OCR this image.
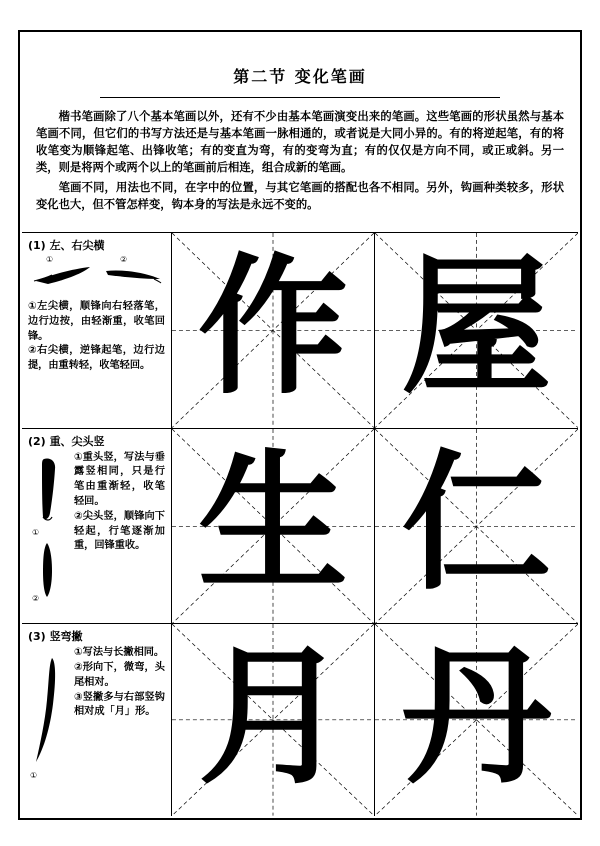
第二节 变化笔画

楷书笔画除了八个基本笔画以外，还有不少由基本笔画演变出来的笔画。这些笔画的形状虽然与基本笔画不同，但它们的书写方法还是与基本笔画一脉相通的，或者说是大同小异的。有的将逆起笔，有的将收笔变为顺锋起笔、出锋收笔；有的变直为弯，有的变弯为直；有的仅仅是方向不同，或正或斜。另一类，则是将两个或两个以上的笔画前后相连，组合成新的笔画。

笔画不同，用法也不同，在字中的位置，与其它笔画的搭配也各不相同。另外，钩画种类较多，形状变化也大，但不管怎样变，钩本身的写法是永远不变的。

(1) 左、右尖横
①	②
①左尖横，顺锋向右轻落笔，边行边按，由轻渐重，收笔回锋。
②右尖横，逆锋起笔，边行边提，由重转轻，收笔轻回。
(2) 重、尖头竖
①
②
①重头竖，写法与垂露竖相同，只是行笔由重渐轻，收笔轻回。
②尖头竖，顺锋向下轻起，行笔逐渐加重，回锋重收。
(3) 竖弯撇
①
①写法与长撇相同。
②形向下，微弯，头尾相对。
③竖撇多与右部竖钩相对成「月」形。
作 屋
生 仁
月 丹
